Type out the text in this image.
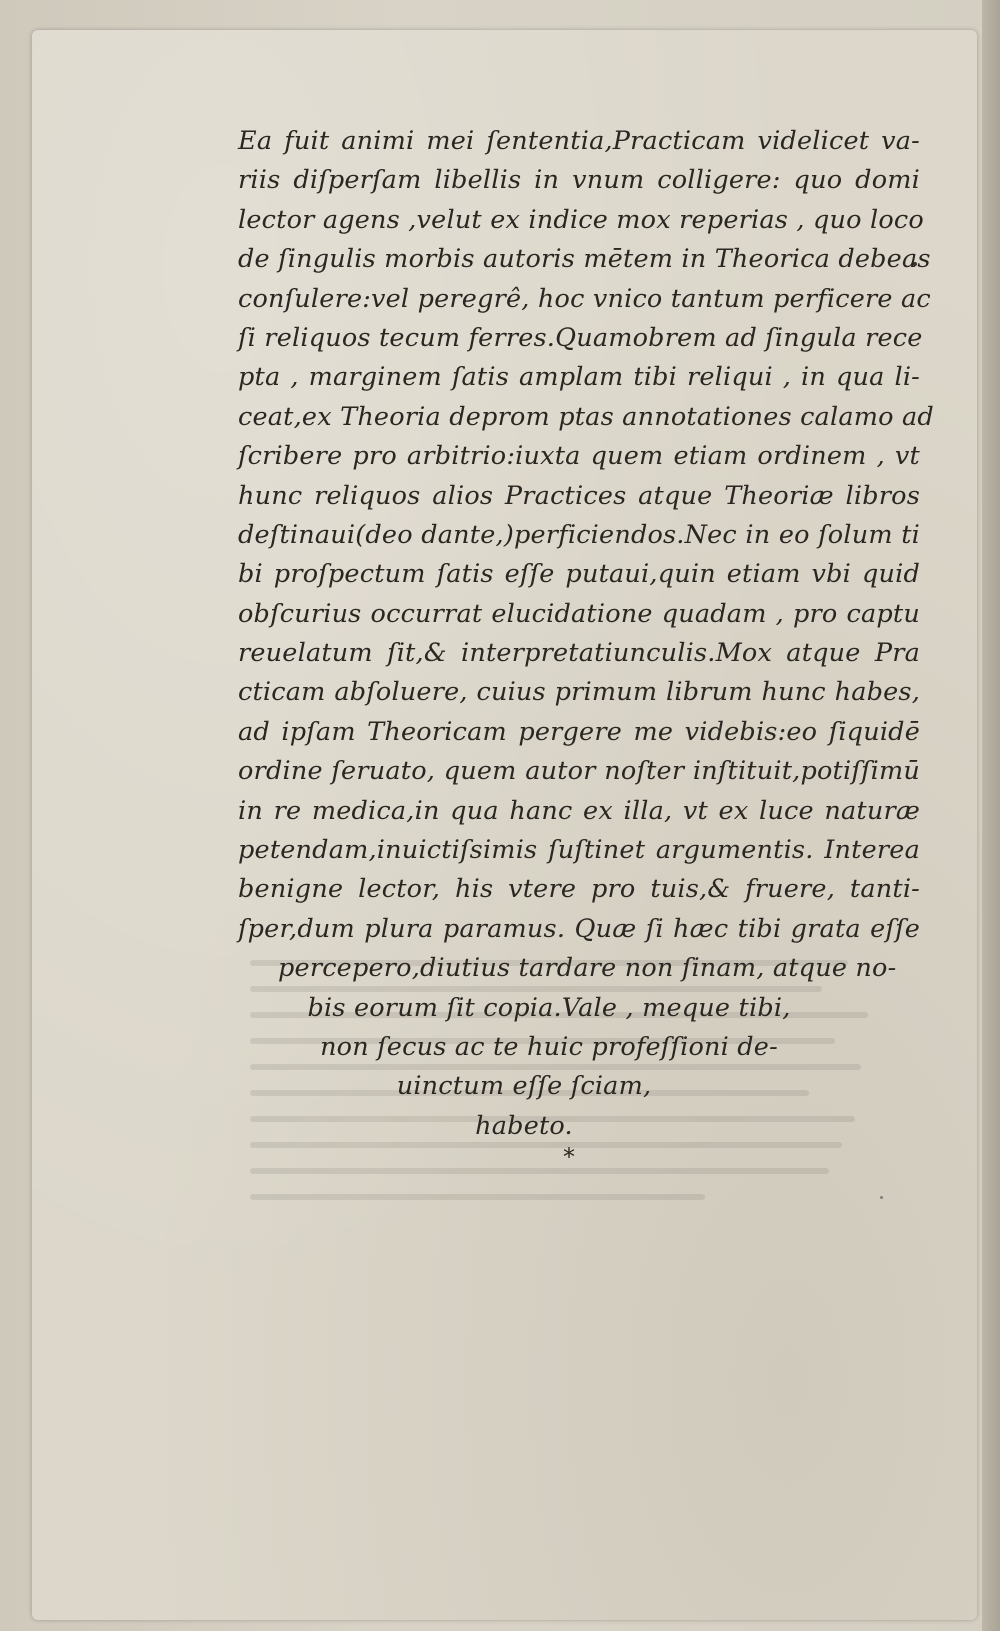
Ea fuit animi mei ſententia,Practicam videlicet va-
riis diſperſam libellis in vnum colligere: quo domi
lector agens ,velut ex indice mox reperias , quo loco
de ſingulis morbis autoris mētem in Theorica debeas
conſulere:vel peregrê, hoc vnico tantum perficere ac
ſi reliquos tecum ferres.Quamobrem ad ſingula rece
pta , marginem ſatis amplam tibi reliqui , in qua li-
ceat,ex Theoria deprom ptas annotationes calamo ad
ſcribere pro arbitrio:iuxta quem etiam ordinem , vt
hunc reliquos alios Practices atque Theoriæ libros
deſtinaui(deo dante,)perficiendos.Nec in eo ſolum ti
bi proſpectum ſatis eſſe putaui,quin etiam vbi quid
obſcurius occurrat elucidatione quadam , pro captu
reuelatum ſit,& interpretatiunculis.Mox atque Pra
cticam abſoluere, cuius primum librum hunc habes,
ad ipſam Theoricam pergere me videbis:eo ſiquidē
ordine ſeruato, quem autor noſter inſtituit,potiſſimū
in re medica,in qua hanc ex illa, vt ex luce naturæ
petendam,inuictiſsimis ſuſtinet argumentis. Interea
benigne lector, his vtere pro tuis,& fruere, tanti-
ſper,dum plura paramus. Quæ ſi hæc tibi grata eſſe
percepero,diutius tardare non ſinam, atque no-
bis eorum ſit copia.Vale , meque tibi,
non ſecus ac te huic profeſſioni de-
uinctum eſſe ſciam,
habeto.
*
